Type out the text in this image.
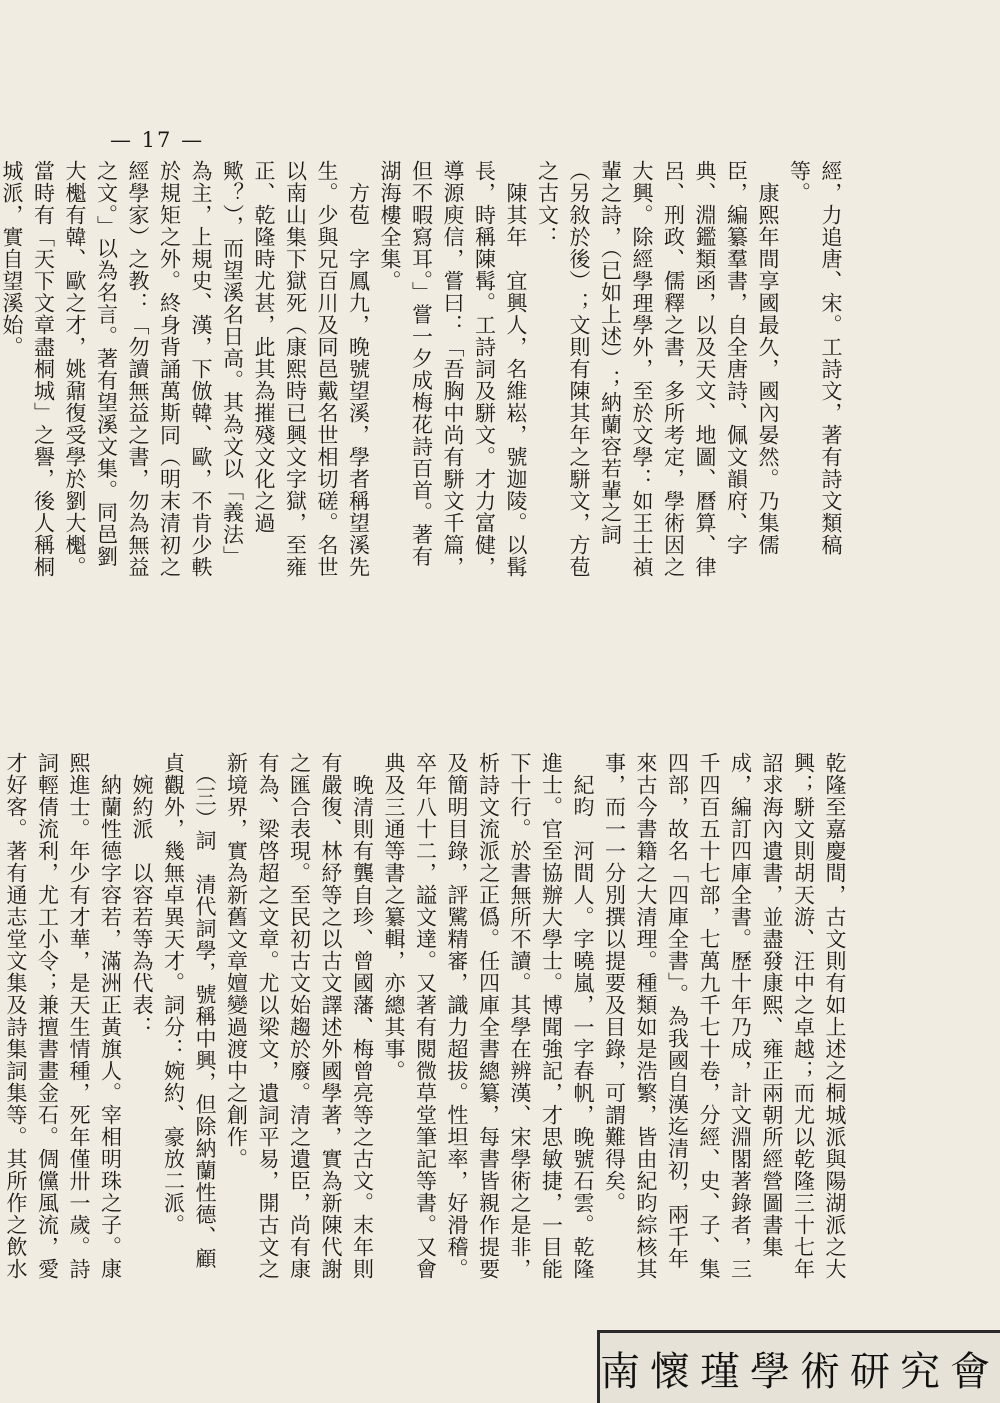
— 17 —
經，力追唐、宋。工詩文，著有詩文類稿等。
　康熙年間享國最久，國內晏然。乃集儒臣，編纂羣書，自全唐詩、佩文韻府、字典、淵鑑類函，以及天文、地圖、曆算、律呂、刑政、儒釋之書，多所考定，學術因之大興。除經學理學外，至於文學：如王士禎輩之詩，（已如上述）；納蘭容若輩之詞（另敘於後）；文則有陳其年之駢文，方苞之古文：
　陳其年　宜興人，名維崧，號迦陵。以髯長，時稱陳髯。工詩詞及駢文。才力富健，導源庾信，嘗曰：「吾胸中尚有駢文千篇，但不暇寫耳。」嘗一夕成梅花詩百首。著有湖海樓全集。
　方苞　字鳳九，晚號望溪，學者稱望溪先生。少與兄百川及同邑戴名世相切磋。名世以南山集下獄死（康熙時已興文字獄，至雍正、乾隆時尤甚，此其為摧殘文化之過歟？），而望溪名日高。其為文以「義法」為主，上規史、漢，下倣韓、歐，不肯少軼於規矩之外。終身背誦萬斯同（明末清初之經學家）之教：「勿讀無益之書，勿為無益之文。」以為名言。著有望溪文集。同邑劉大櫆有韓、歐之才，姚鼐復受學於劉大櫆。當時有「天下文章盡桐城」之譽，後人稱桐城派，實自望溪始。

乾隆至嘉慶間，古文則有如上述之桐城派與陽湖派之大興；駢文則胡天游、汪中之卓越；而尤以乾隆三十七年詔求海內遺書，並盡發康熙、雍正兩朝所經營圖書集成，編訂四庫全書。歷十年乃成，計文淵閣著錄者，三千四百五十七部，七萬九千七十卷，分經、史、子、集四部，故名「四庫全書」。為我國自漢迄清初，兩千年來古今書籍之大清理。種類如是浩繁，皆由紀昀綜核其事，而一一分別撰以提要及目錄，可謂難得矣。
　紀昀　河間人。字曉嵐，一字春帆，晚號石雲。乾隆進士。官至協辦大學士。博聞強記，才思敏捷，一目能下十行。於書無所不讀。其學在辨漢、宋學術之是非，析詩文流派之正僞。任四庫全書總纂，每書皆親作提要及簡明目錄，評騭精審，識力超拔。性坦率，好滑稽。卒年八十二，謚文達。又著有閱微草堂筆記等書。又會典及三通等書之纂輯，亦總其事。
　晚清則有龔自珍、曾國藩、梅曾亮等之古文。末年則有嚴復、林紓等之以古文譯述外國學著，實為新陳代謝之匯合表現。至民初古文始趨於廢。清之遺臣，尚有康有為、梁啓超之文章。尤以梁文，遺詞平易，開古文之新境界，實為新舊文章嬗變過渡中之創作。
　（三）詞　清代詞學，號稱中興，但除納蘭性德、顧貞觀外，幾無卓異天才。詞分：婉約、豪放二派。
　婉約派　以容若等為代表：
　納蘭性德字容若，滿洲正黃旗人。宰相明珠之子。康熙進士。年少有才華，是天生情種，死年僅卅一歲。詩詞輕倩流利，尤工小令；兼擅書畫金石。倜儻風流，愛才好客。著有通志堂文集及詩集詞集等。其所作之飲水

南懷瑾學術研究會
